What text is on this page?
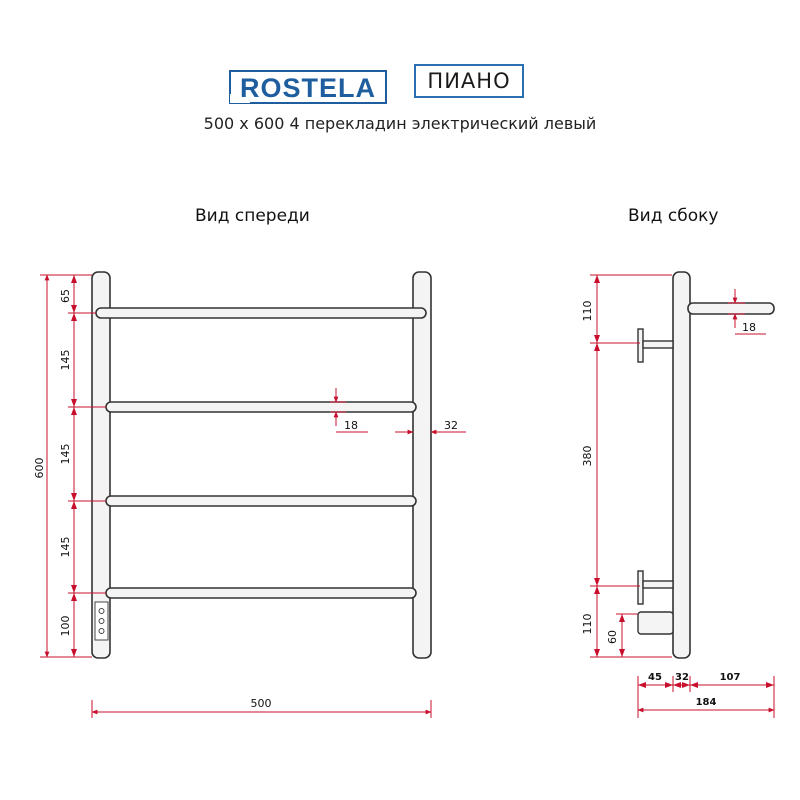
ROSTELA	ПИАНО
500 x 600 4 перекладин электрический левый
Вид спереди	Вид сбоку
600
65
145
145
145
100
18	32
500
110
380
110
60
18
45 32	107
184
